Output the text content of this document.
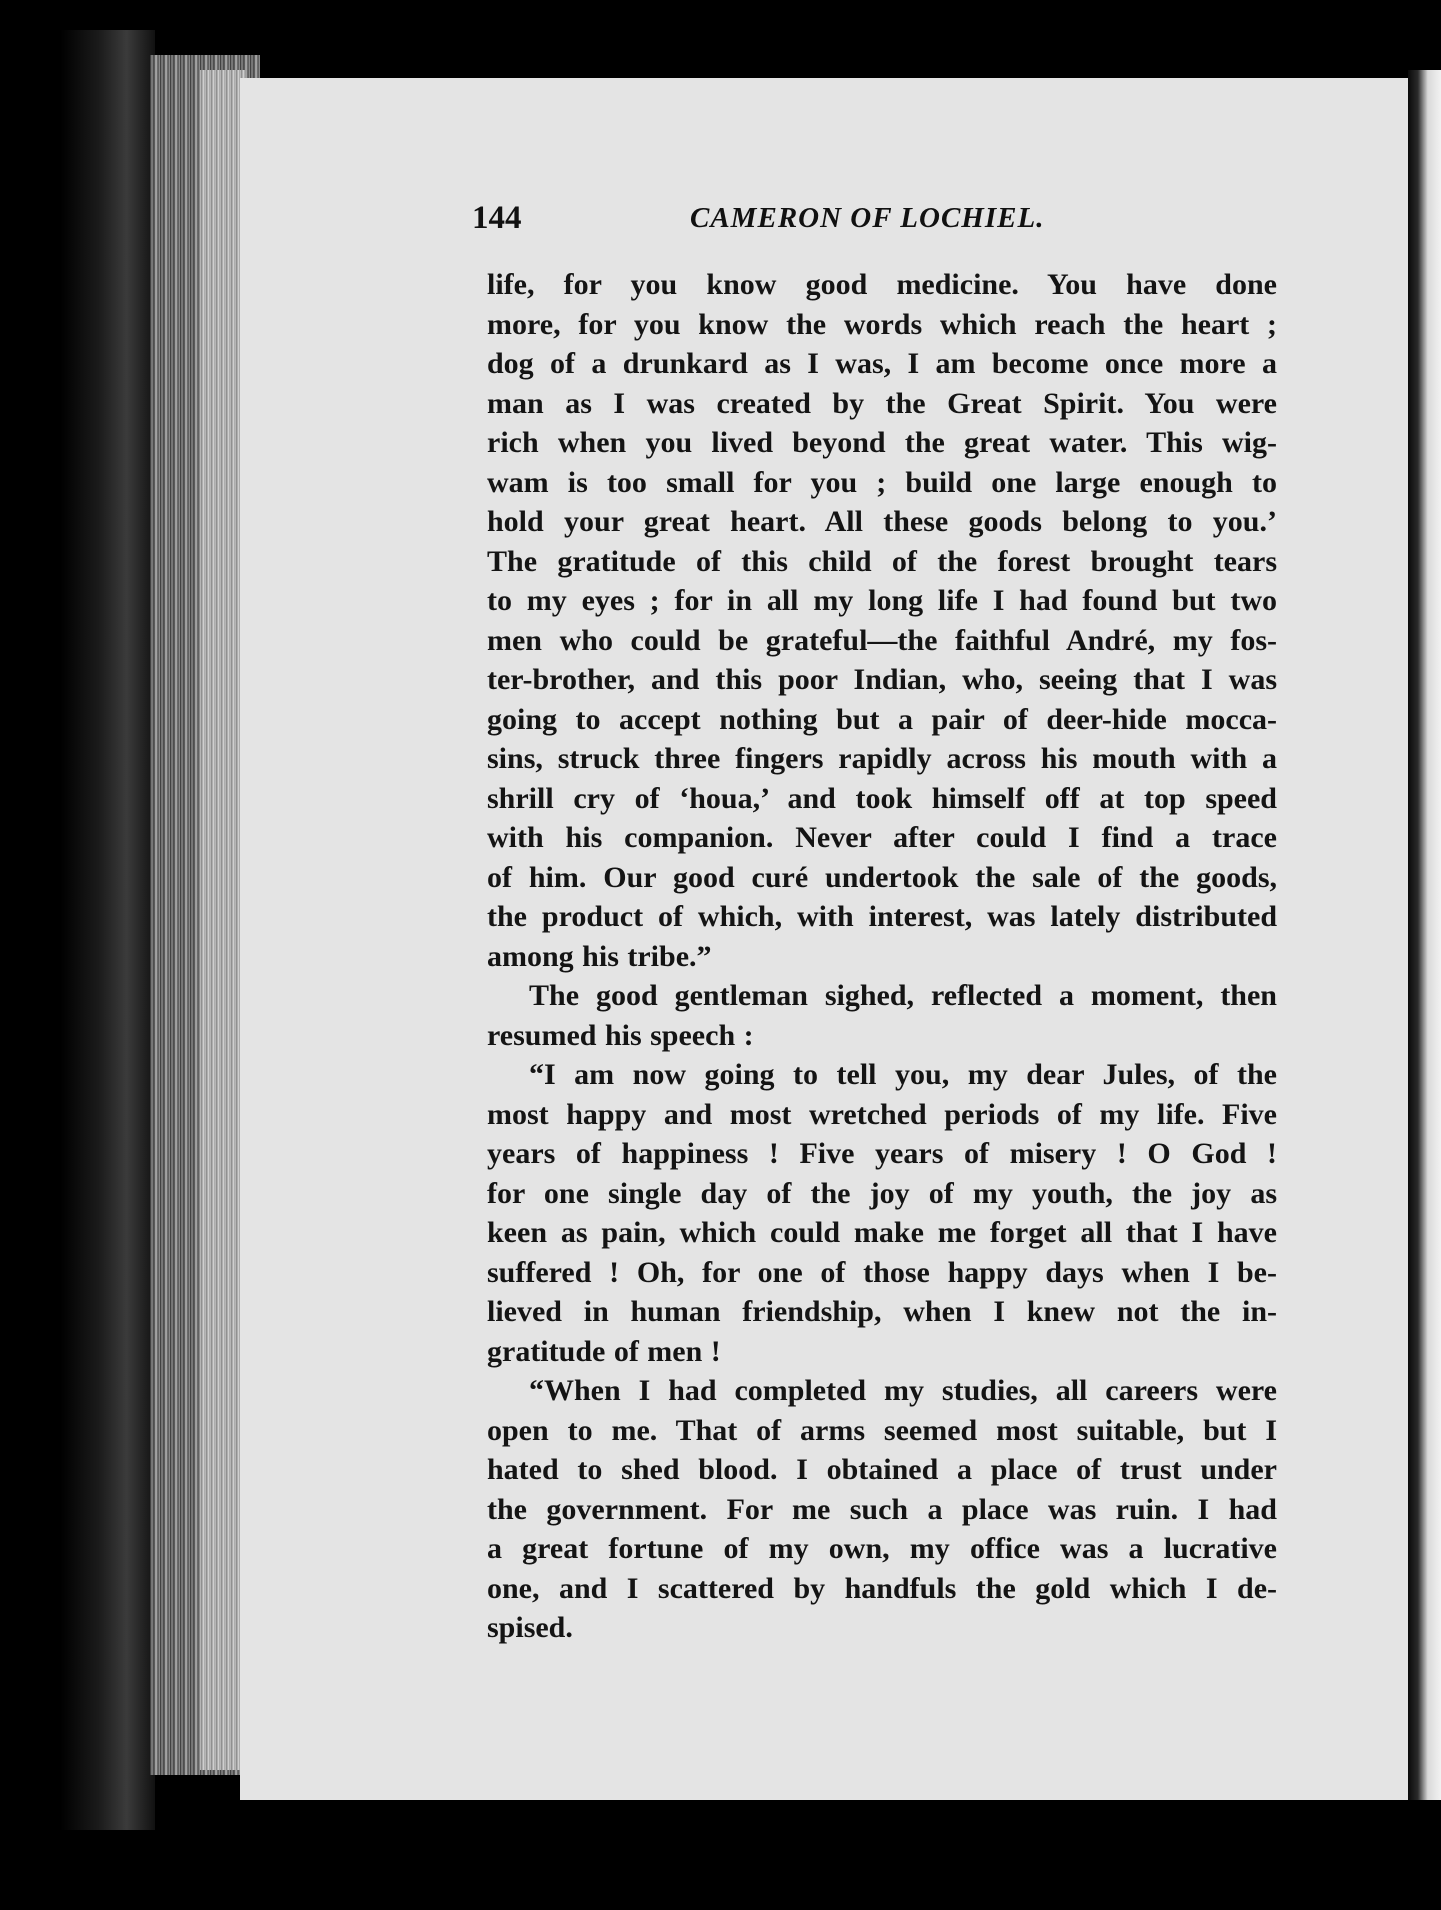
144	CAMERON OF LOCHIEL.
life, for you know good medicine. You have done
more, for you know the words which reach the heart ;
dog of a drunkard as I was, I am become once more a
man as I was created by the Great Spirit. You were
rich when you lived beyond the great water. This wig-
wam is too small for you ; build one large enough to
hold your great heart. All these goods belong to you.’
The gratitude of this child of the forest brought tears
to my eyes ; for in all my long life I had found but two
men who could be grateful—the faithful André, my fos-
ter-brother, and this poor Indian, who, seeing that I was
going to accept nothing but a pair of deer-hide mocca-
sins, struck three fingers rapidly across his mouth with a
shrill cry of ‘houa,’ and took himself off at top speed
with his companion. Never after could I find a trace
of him. Our good curé undertook the sale of the goods,
the product of which, with interest, was lately distributed
among his tribe.”
The good gentleman sighed, reflected a moment, then
resumed his speech :
“I am now going to tell you, my dear Jules, of the
most happy and most wretched periods of my life. Five
years of happiness ! Five years of misery ! O God !
for one single day of the joy of my youth, the joy as
keen as pain, which could make me forget all that I have
suffered ! Oh, for one of those happy days when I be-
lieved in human friendship, when I knew not the in-
gratitude of men !
“When I had completed my studies, all careers were
open to me. That of arms seemed most suitable, but I
hated to shed blood. I obtained a place of trust under
the government. For me such a place was ruin. I had
a great fortune of my own, my office was a lucrative
one, and I scattered by handfuls the gold which I de-
spised.
